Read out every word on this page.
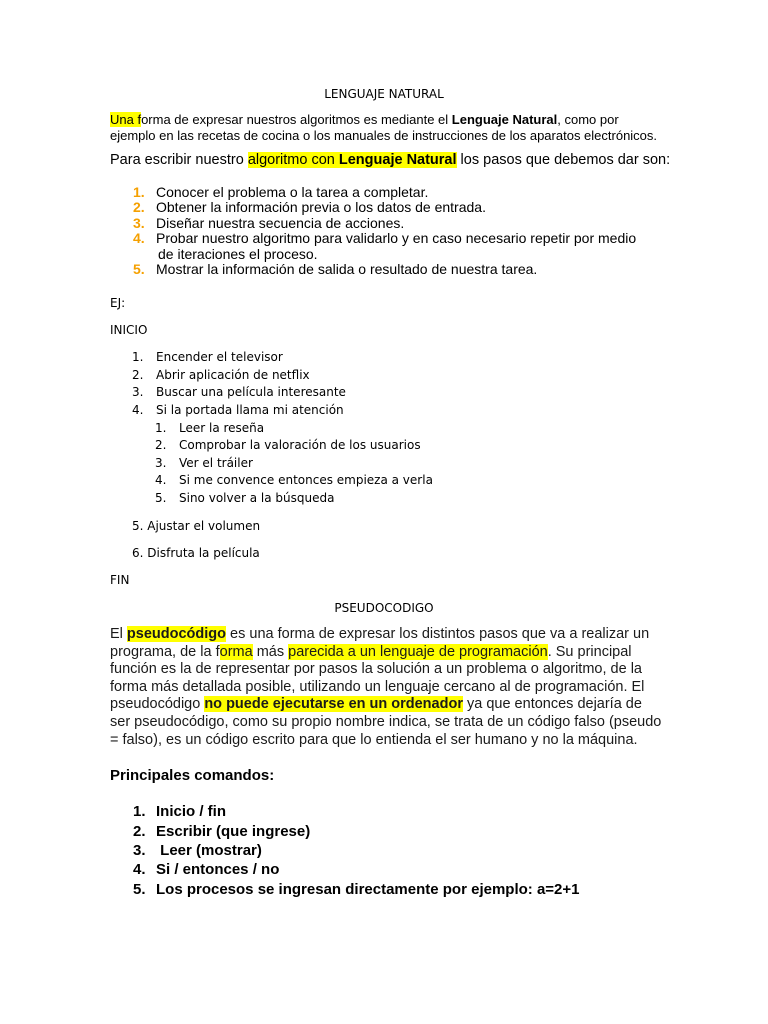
LENGUAJE NATURAL
Una forma de expresar nuestros algoritmos es mediante el Lenguaje Natural, como por
ejemplo en las recetas de cocina o los manuales de instrucciones de los aparatos electrónicos.
Para escribir nuestro algoritmo con Lenguaje Natural los pasos que debemos dar son:
1. Conocer el problema o la tarea a completar.
2. Obtener la información previa o los datos de entrada.
3. Diseñar nuestra secuencia de acciones.
4. Probar nuestro algoritmo para validarlo y en caso necesario repetir por medio
de iteraciones el proceso.
5. Mostrar la información de salida o resultado de nuestra tarea.
EJ:
INICIO
1. Encender el televisor
2. Abrir aplicación de netflix
3. Buscar una película interesante
4. Si la portada llama mi atención
1. Leer la reseña
2. Comprobar la valoración de los usuarios
3. Ver el tráiler
4. Si me convence entonces empieza a verla
5. Sino volver a la búsqueda
5. Ajustar el volumen
6. Disfruta la película
FIN
PSEUDOCODIGO
El pseudocódigo es una forma de expresar los distintos pasos que va a realizar un
programa, de la forma más parecida a un lenguaje de programación. Su principal
función es la de representar por pasos la solución a un problema o algoritmo, de la
forma más detallada posible, utilizando un lenguaje cercano al de programación. El
pseudocódigo no puede ejecutarse en un ordenador ya que entonces dejaría de
ser pseudocódigo, como su propio nombre indica, se trata de un código falso (pseudo
= falso), es un código escrito para que lo entienda el ser humano y no la máquina.
Principales comandos:
1. Inicio / fin
2. Escribir (que ingrese)
3. Leer (mostrar)
4. Si / entonces / no
5. Los procesos se ingresan directamente por ejemplo: a=2+1
